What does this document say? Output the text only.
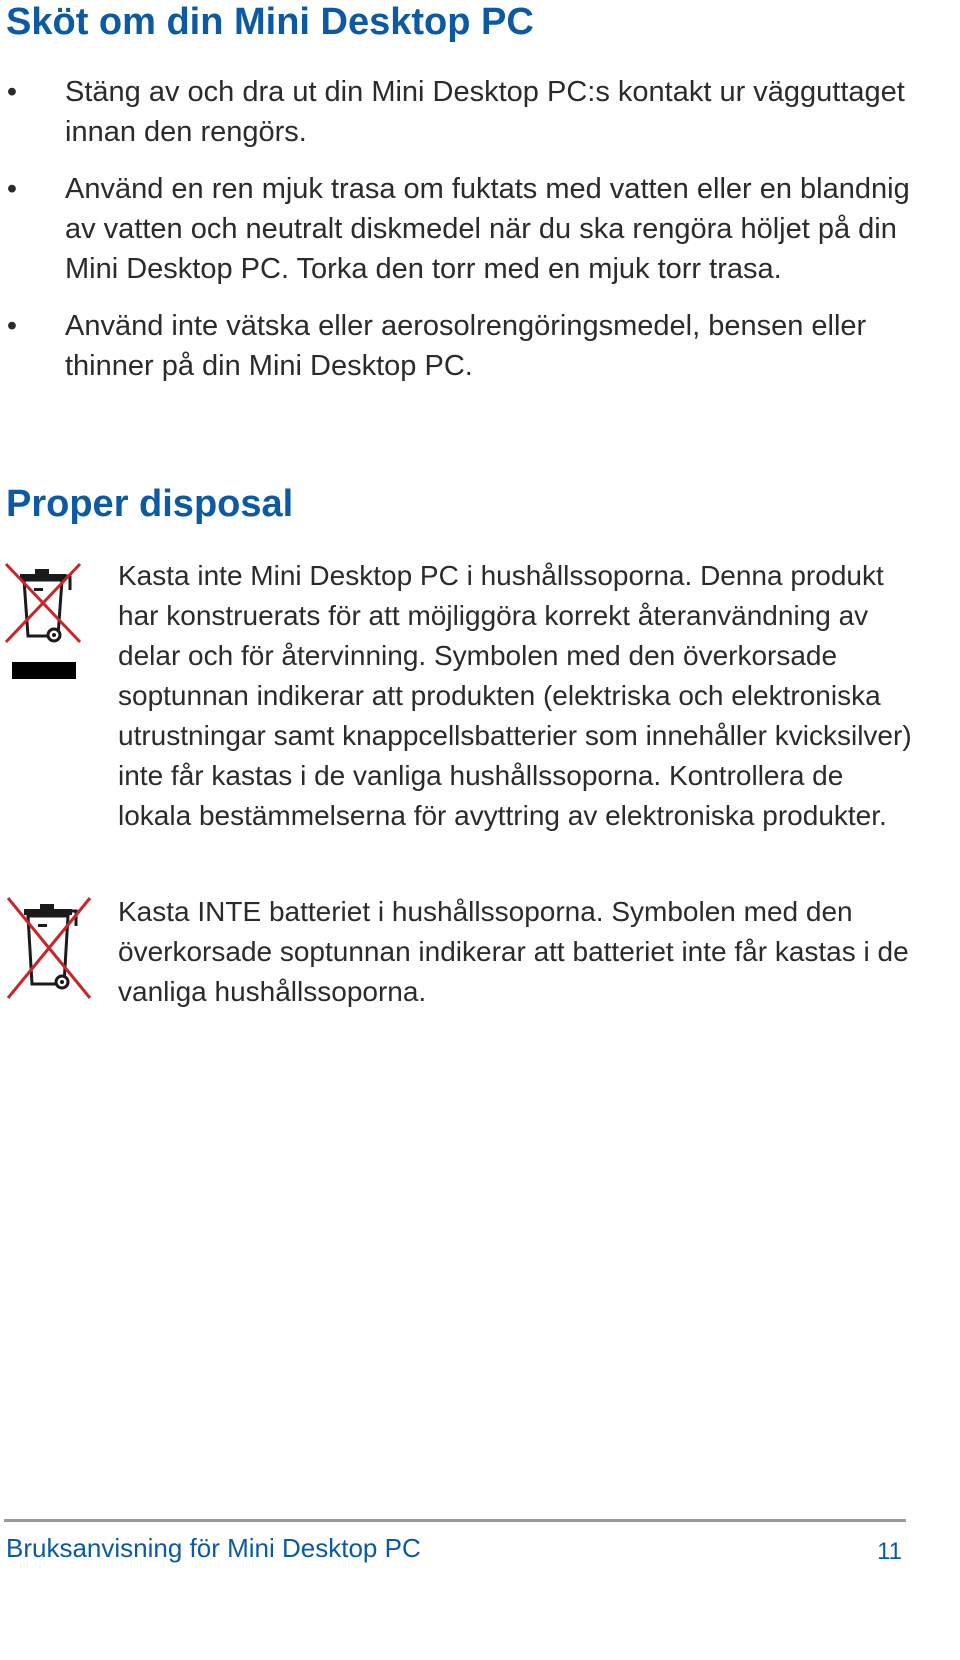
Sköt om din Mini Desktop PC
• Stäng av och dra ut din Mini Desktop PC:s kontakt ur vägguttaget innan den rengörs.
• Använd en ren mjuk trasa om fuktats med vatten eller en blandnig av vatten och neutralt diskmedel när du ska rengöra höljet på din Mini Desktop PC. Torka den torr med en mjuk torr trasa.
• Använd inte vätska eller aerosolrengöringsmedel, bensen eller thinner på din Mini Desktop PC.
Proper disposal

Kasta inte Mini Desktop PC i hushållssoporna. Denna produkt har konstruerats för att möjliggöra korrekt återanvändning av delar och för återvinning. Symbolen med den överkorsade soptunnan indikerar att produkten (elektriska och elektroniska utrustningar samt knappcellsbatterier som innehåller kvicksilver) inte får kastas i de vanliga hushållssoporna. Kontrollera de lokala bestämmelserna för avyttring av elektroniska produkter.

Kasta INTE batteriet i hushållssoporna. Symbolen med den överkorsade soptunnan indikerar att batteriet inte får kastas i de vanliga hushållssoporna.

Bruksanvisning för Mini Desktop PC	11
